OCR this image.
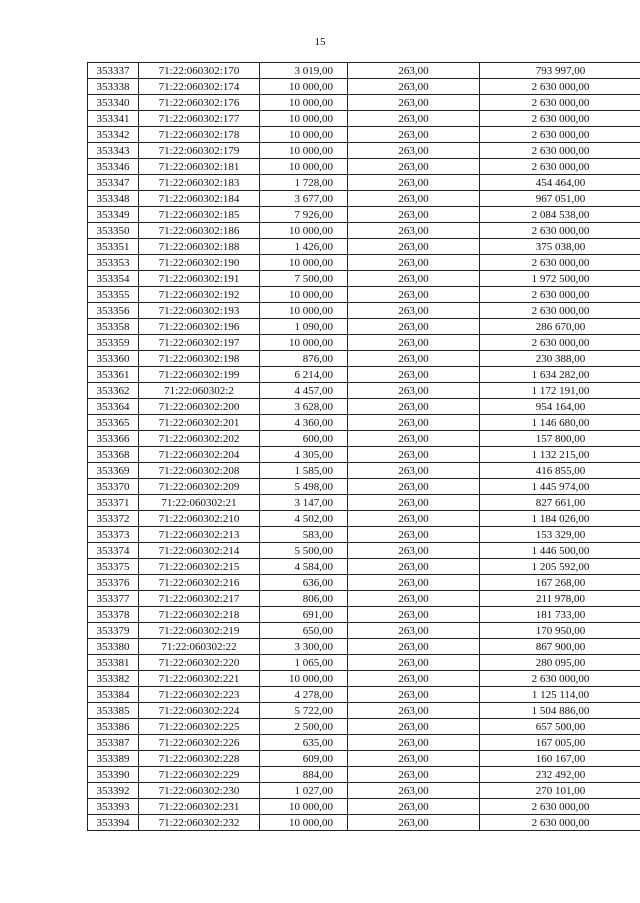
15
353337	71:22:060302:170	3 019,00	263,00	793 997,00
353338	71:22:060302:174	10 000,00	263,00	2 630 000,00
353340	71:22:060302:176	10 000,00	263,00	2 630 000,00
353341	71:22:060302:177	10 000,00	263,00	2 630 000,00
353342	71:22:060302:178	10 000,00	263,00	2 630 000,00
353343	71:22:060302:179	10 000,00	263,00	2 630 000,00
353346	71:22:060302:181	10 000,00	263,00	2 630 000,00
353347	71:22:060302:183	1 728,00	263,00	454 464,00
353348	71:22:060302:184	3 677,00	263,00	967 051,00
353349	71:22:060302:185	7 926,00	263,00	2 084 538,00
353350	71:22:060302:186	10 000,00	263,00	2 630 000,00
353351	71:22:060302:188	1 426,00	263,00	375 038,00
353353	71:22:060302:190	10 000,00	263,00	2 630 000,00
353354	71:22:060302:191	7 500,00	263,00	1 972 500,00
353355	71:22:060302:192	10 000,00	263,00	2 630 000,00
353356	71:22:060302:193	10 000,00	263,00	2 630 000,00
353358	71:22:060302:196	1 090,00	263,00	286 670,00
353359	71:22:060302:197	10 000,00	263,00	2 630 000,00
353360	71:22:060302:198	876,00	263,00	230 388,00
353361	71:22:060302:199	6 214,00	263,00	1 634 282,00
353362	71:22:060302:2	4 457,00	263,00	1 172 191,00
353364	71:22:060302:200	3 628,00	263,00	954 164,00
353365	71:22:060302:201	4 360,00	263,00	1 146 680,00
353366	71:22:060302:202	600,00	263,00	157 800,00
353368	71:22:060302:204	4 305,00	263,00	1 132 215,00
353369	71:22:060302:208	1 585,00	263,00	416 855,00
353370	71:22:060302:209	5 498,00	263,00	1 445 974,00
353371	71:22:060302:21	3 147,00	263,00	827 661,00
353372	71:22:060302:210	4 502,00	263,00	1 184 026,00
353373	71:22:060302:213	583,00	263,00	153 329,00
353374	71:22:060302:214	5 500,00	263,00	1 446 500,00
353375	71:22:060302:215	4 584,00	263,00	1 205 592,00
353376	71:22:060302:216	636,00	263,00	167 268,00
353377	71:22:060302:217	806,00	263,00	211 978,00
353378	71:22:060302:218	691,00	263,00	181 733,00
353379	71:22:060302:219	650,00	263,00	170 950,00
353380	71:22:060302:22	3 300,00	263,00	867 900,00
353381	71:22:060302:220	1 065,00	263,00	280 095,00
353382	71:22:060302:221	10 000,00	263,00	2 630 000,00
353384	71:22:060302:223	4 278,00	263,00	1 125 114,00
353385	71:22:060302:224	5 722,00	263,00	1 504 886,00
353386	71:22:060302:225	2 500,00	263,00	657 500,00
353387	71:22:060302:226	635,00	263,00	167 005,00
353389	71:22:060302:228	609,00	263,00	160 167,00
353390	71:22:060302:229	884,00	263,00	232 492,00
353392	71:22:060302:230	1 027,00	263,00	270 101,00
353393	71:22:060302:231	10 000,00	263,00	2 630 000,00
353394	71:22:060302:232	10 000,00	263,00	2 630 000,00
